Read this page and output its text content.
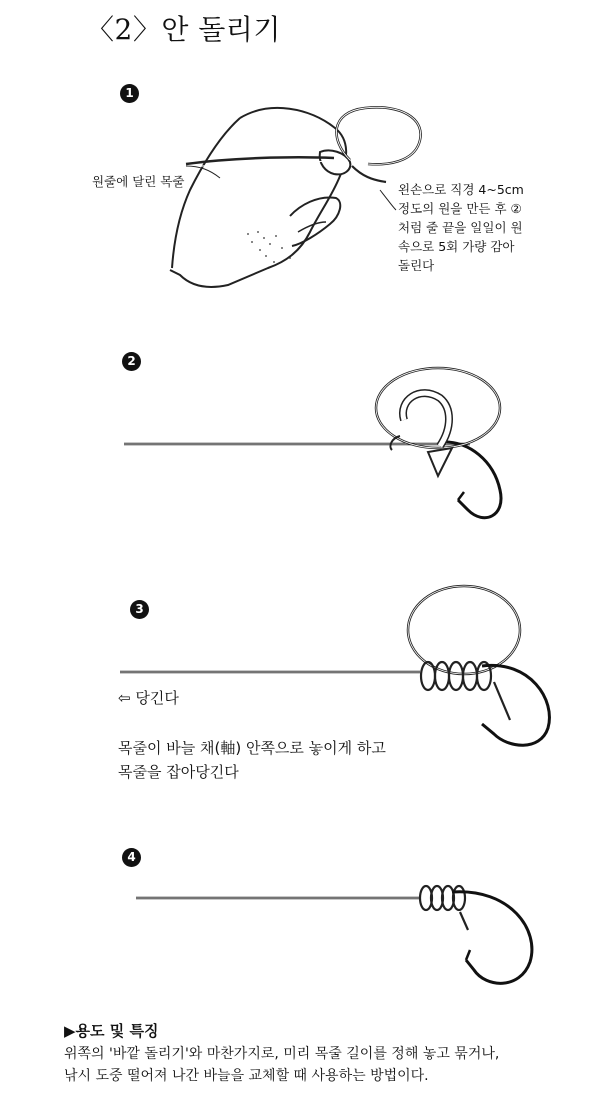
〈2〉안 돌리기
1
원줄에 달린 목줄
왼손으로 직경 4~5cm
정도의 원을 만든 후 ②
처럼 줄 끝을 일일이 원
속으로 5회 가량 감아
돌린다
2
3
⇦ 당긴다
목줄이 바늘 채(軸) 안쪽으로 놓이게 하고
목줄을 잡아당긴다
4
▶용도 및 특징
위쪽의 '바깥 돌리기'와 마찬가지로, 미리 목줄 길이를 정해 놓고 묶거나,
낚시 도중 떨어져 나간 바늘을 교체할 때 사용하는 방법이다.
